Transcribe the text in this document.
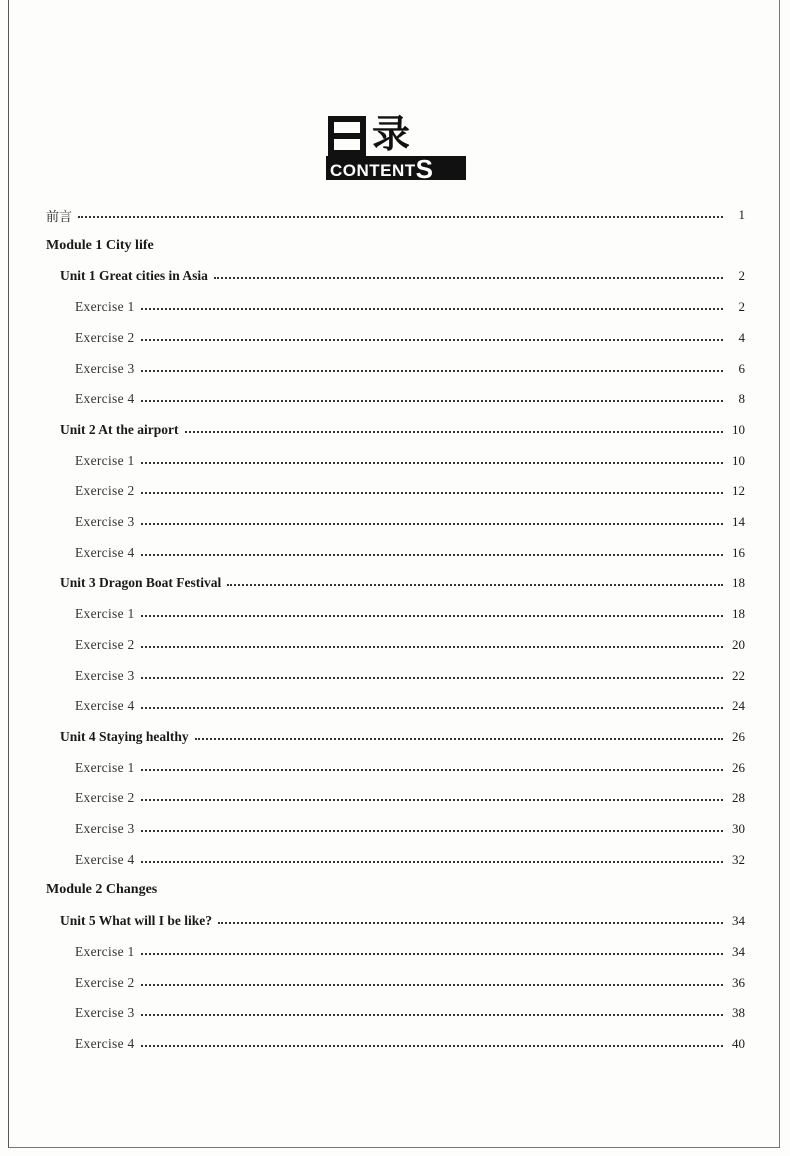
录
CONTENTS
前言	1
Module 1 City life
Unit 1 Great cities in Asia	2
Exercise 1	2
Exercise 2	4
Exercise 3	6
Exercise 4	8
Unit 2 At the airport	10
Exercise 1	10
Exercise 2	12
Exercise 3	14
Exercise 4	16
Unit 3 Dragon Boat Festival	18
Exercise 1	18
Exercise 2	20
Exercise 3	22
Exercise 4	24
Unit 4 Staying healthy	26
Exercise 1	26
Exercise 2	28
Exercise 3	30
Exercise 4	32
Module 2 Changes
Unit 5 What will I be like?	34
Exercise 1	34
Exercise 2	36
Exercise 3	38
Exercise 4	40
